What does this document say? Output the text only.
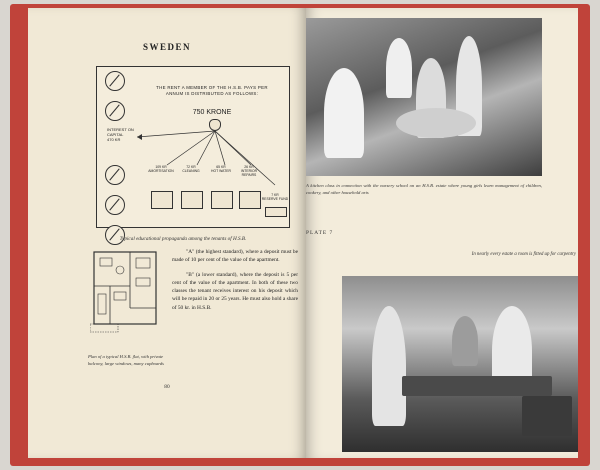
SWEDEN
INTEREST ON CAPITAL
470 KR
THE RENT A MEMBER OF THE H.S.B. PAYS PER ANNUM IS DISTRIBUTED AS FOLLOWS:
750 KRONE
109 KR
AMORTISATION
72 KR
CLEANING
65 KR
HOT WATER
26 KR
INTERIOR REPAIRS
7 KR
RESERVE FUND
Typical educational propaganda among the tenants of H.S.B.
Plan of a typical H.S.B. flat, with private balcony, large windows, many cupboards

"A" (the highest standard), where a deposit must be made of 10 per cent of the value of the apartment.

"B" (a lower standard), where the deposit is 5 per cent of the value of the apartment. In both of these two classes the tenant receives interest on his deposit which will be repaid in 20 or 25 years. He must also hold a share of 50 kr. in H.S.B.

80
A kitchen class in connection with the nursery school on an H.S.B. estate where young girls learn management of children, cookery, and other household arts
PLATE 7
In nearly every estate a room is fitted up for carpentry
